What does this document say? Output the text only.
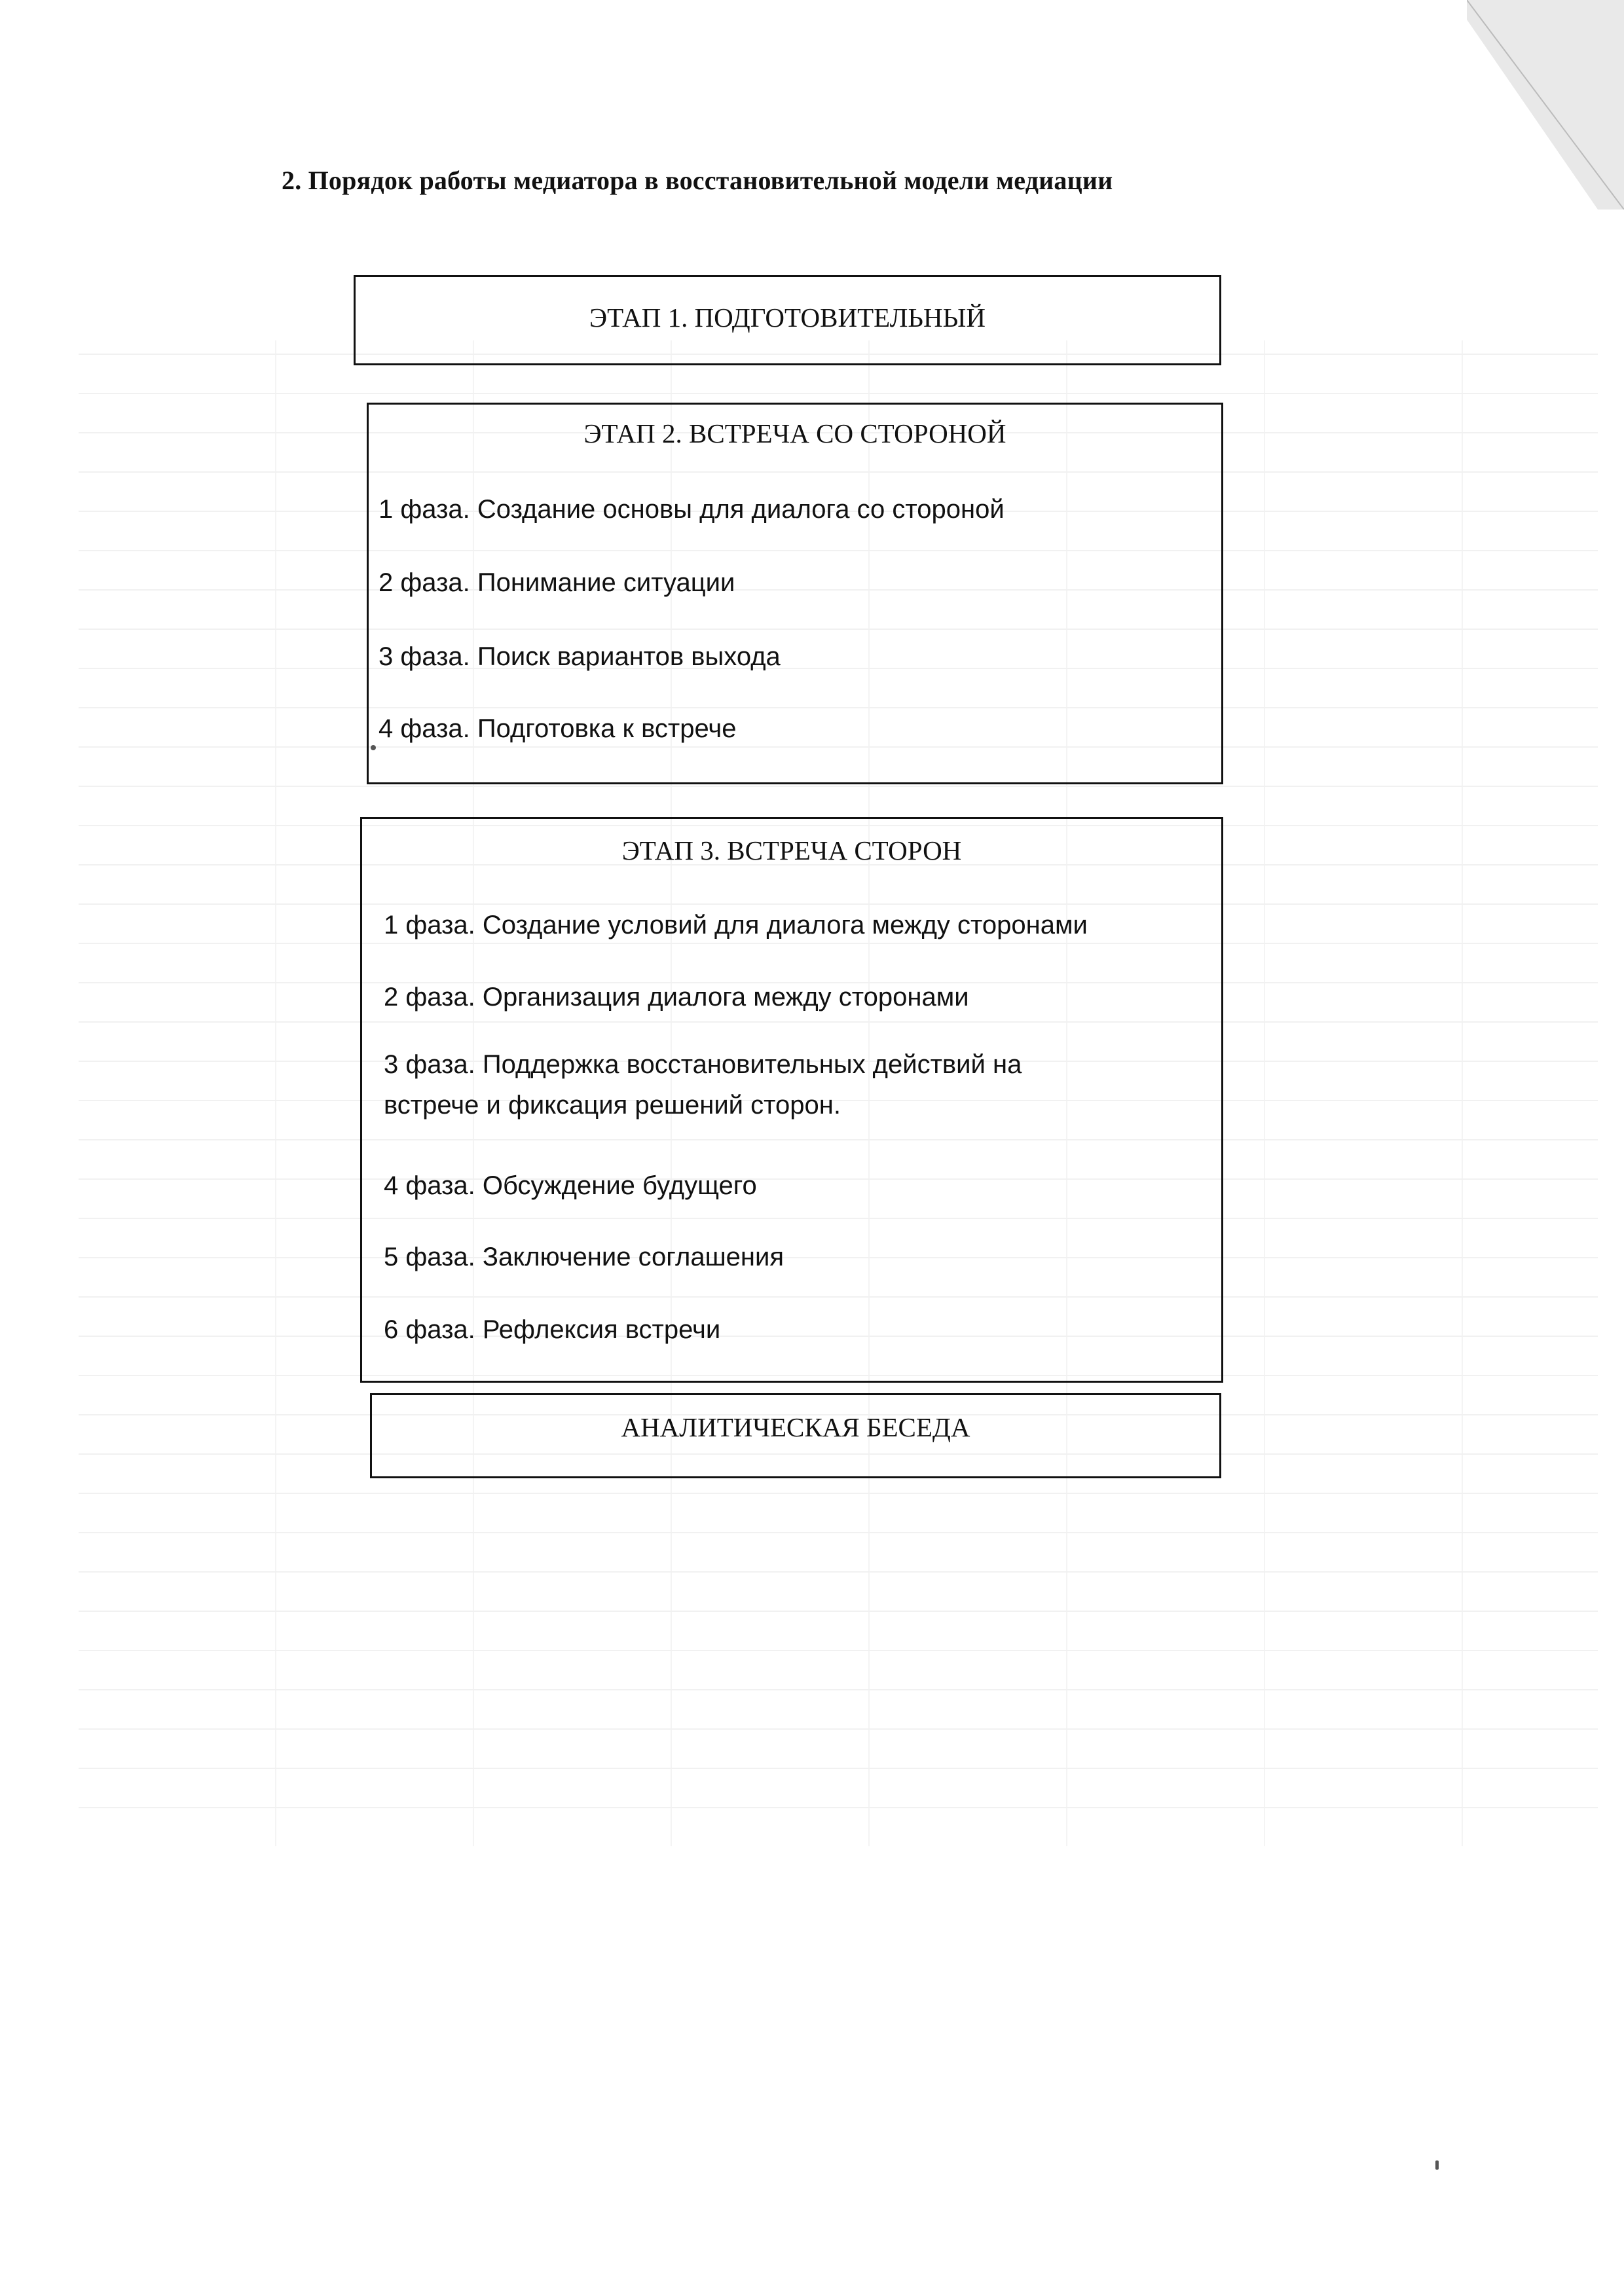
2. Порядок работы медиатора в восстановительной модели медиации
ЭТАП 1. ПОДГОТОВИТЕЛЬНЫЙ
ЭТАП 2. ВСТРЕЧА СО СТОРОНОЙ
1 фаза. Создание основы для диалога со стороной
2 фаза. Понимание ситуации
3 фаза. Поиск вариантов выхода
4 фаза. Подготовка к встрече
ЭТАП 3. ВСТРЕЧА СТОРОН
1 фаза. Создание условий для диалога между сторонами
2 фаза. Организация диалога между сторонами
3 фаза. Поддержка восстановительных действий на
встрече и фиксация решений сторон.
4 фаза. Обсуждение будущего
5 фаза. Заключение соглашения
6 фаза. Рефлексия встречи
АНАЛИТИЧЕСКАЯ БЕСЕДА
